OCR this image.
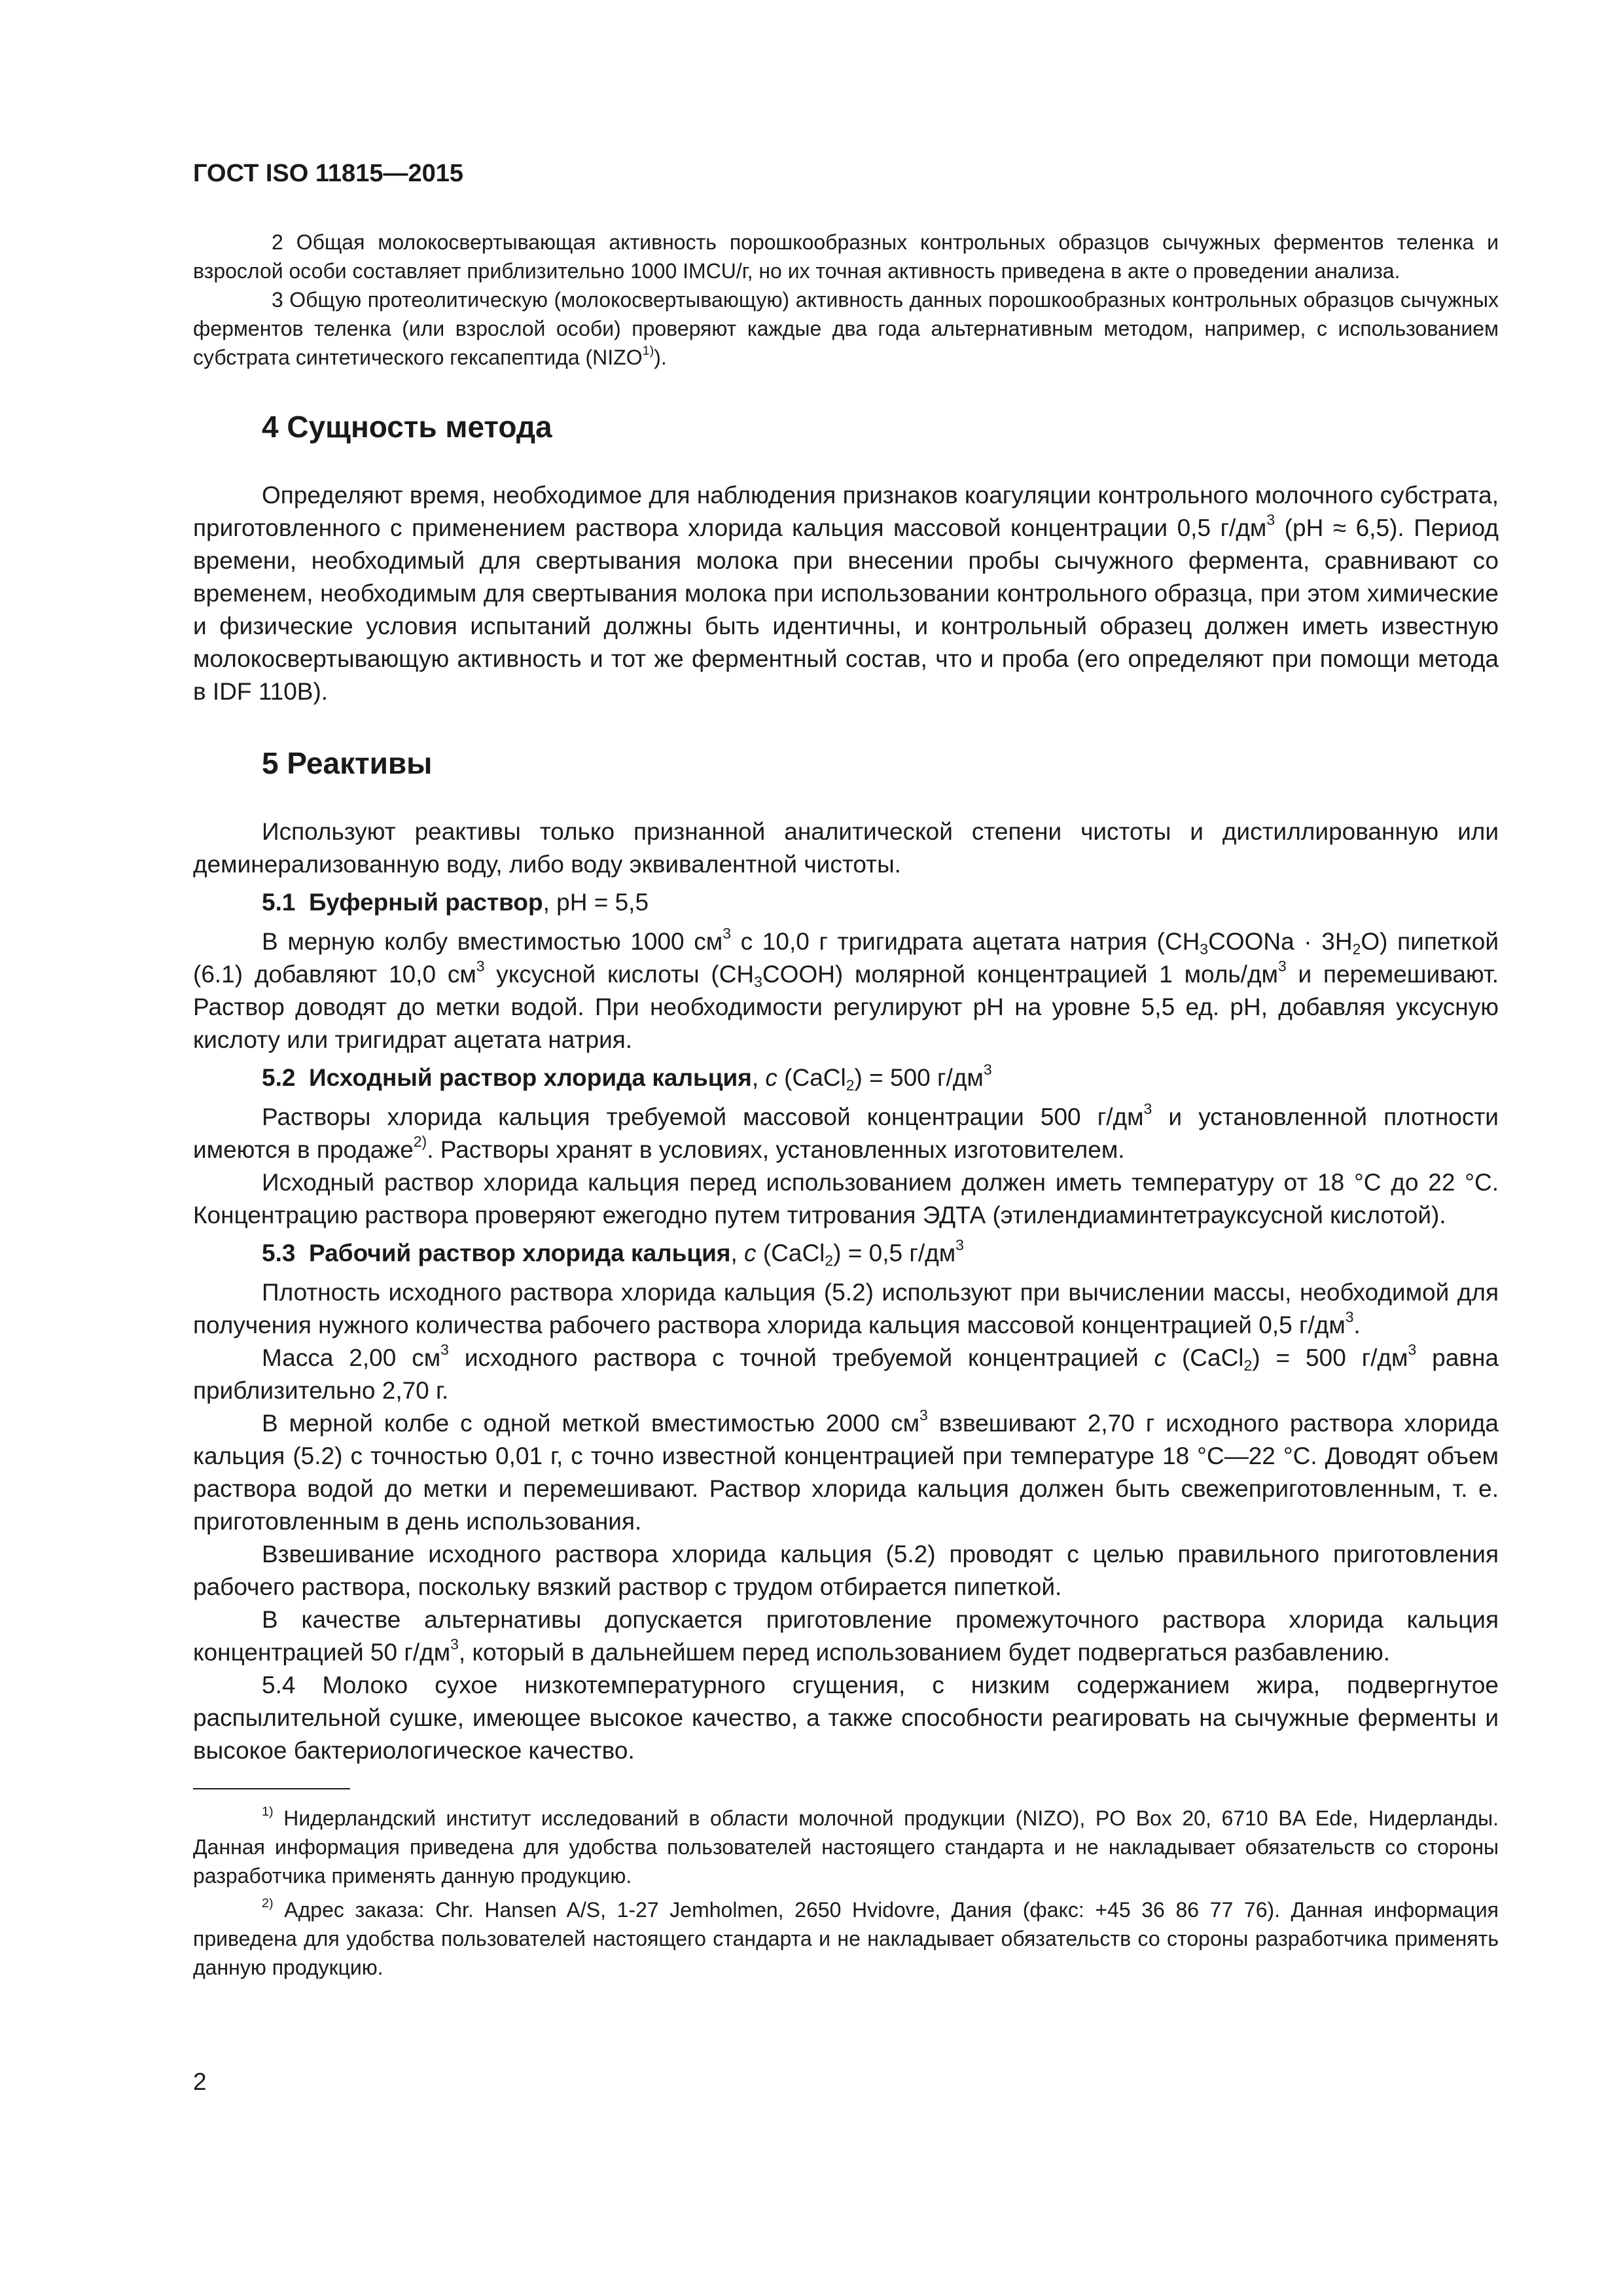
ГОСТ ISO 11815—2015

2 Общая молокосвертывающая активность порошкообразных контрольных образцов сычужных ферментов теленка и взрослой особи составляет приблизительно 1000 IMCU/г, но их точная активность приведена в акте о проведении анализа.

3 Общую протеолитическую (молокосвертывающую) активность данных порошкообразных контрольных образцов сычужных ферментов теленка (или взрослой особи) проверяют каждые два года альтернативным методом, например, с использованием субстрата синтетического гексапептида (NIZO$^{1)}$).

4 Сущность метода

Определяют время, необходимое для наблюдения признаков коагуляции контрольного молочного субстрата, приготовленного с применением раствора хлорида кальция массовой концентрации 0,5 $г/дм^3$ (pH ≈ 6,5). Период времени, необходимый для свертывания молока при внесении пробы сычужного фермента, сравнивают со временем, необходимым для свертывания молока при использовании контрольного образца, при этом химические и физические условия испытаний должны быть идентичны, и контрольный образец должен иметь известную молокосвертывающую активность и тот же ферментный состав, что и проба (его определяют при помощи метода в IDF 110B).

5 Реактивы

Используют реактивы только признанной аналитической степени чистоты и дистиллированную или деминерализованную воду, либо воду эквивалентной чистоты.

5.1 Буферный раствор, pH = 5,5

В мерную колбу вместимостью 1000 $см^3$ с 10,0 г тригидрата ацетата натрия $(CH_3COONa \cdot 3H_2O)$ пипеткой (6.1) добавляют 10,0 $см^3$ уксусной кислоты $(CH_3COOH)$ молярной концентрацией 1 моль/$дм^3$ и перемешивают. Раствор доводят до метки водой. При необходимости регулируют pH на уровне 5,5 ед. pH, добавляя уксусную кислоту или тригидрат ацетата натрия.

5.2 Исходный раствор хлорида кальция, c (CaCl$_2$) = 500 $г/дм^3$

Растворы хлорида кальция требуемой массовой концентрации 500 $г/дм^3$ и установленной плотности имеются в продаже$^{2)}$. Растворы хранят в условиях, установленных изготовителем.

Исходный раствор хлорида кальция перед использованием должен иметь температуру от 18 °C до 22 °C. Концентрацию раствора проверяют ежегодно путем титрования ЭДТА (этилендиаминтетрауксусной кислотой).

5.3 Рабочий раствор хлорида кальция, c (CaCl$_2$) = 0,5 $г/дм^3$

Плотность исходного раствора хлорида кальция (5.2) используют при вычислении массы, необходимой для получения нужного количества рабочего раствора хлорида кальция массовой концентрацией 0,5 $г/дм^3$.

Масса 2,00 $см^3$ исходного раствора с точной требуемой концентрацией c (CaCl$_2$) = 500 $г/дм^3$ равна приблизительно 2,70 г.

В мерной колбе с одной меткой вместимостью 2000 $см^3$ взвешивают 2,70 г исходного раствора хлорида кальция (5.2) с точностью 0,01 г, с точно известной концентрацией при температуре 18 °C—22 °C. Доводят объем раствора водой до метки и перемешивают. Раствор хлорида кальция должен быть свежеприготовленным, т. е. приготовленным в день использования.

Взвешивание исходного раствора хлорида кальция (5.2) проводят с целью правильного приготовления рабочего раствора, поскольку вязкий раствор с трудом отбирается пипеткой.

В качестве альтернативы допускается приготовление промежуточного раствора хлорида кальция концентрацией 50 $г/дм^3$, который в дальнейшем перед использованием будет подвергаться разбавлению.

5.4 Молоко сухое низкотемпературного сгущения, с низким содержанием жира, подвергнутое распылительной сушке, имеющее высокое качество, а также способности реагировать на сычужные ферменты и высокое бактериологическое качество.

$^{1)}$ Нидерландский институт исследований в области молочной продукции (NIZO), PO Box 20, 6710 BA Ede, Нидерланды. Данная информация приведена для удобства пользователей настоящего стандарта и не накладывает обязательств со стороны разработчика применять данную продукцию.

$^{2)}$ Адрес заказа: Chr. Hansen A/S, 1-27 Jemholmen, 2650 Hvidovre, Дания (факс: +45 36 86 77 76). Данная информация приведена для удобства пользователей настоящего стандарта и не накладывает обязательств со стороны разработчика применять данную продукцию.

2
